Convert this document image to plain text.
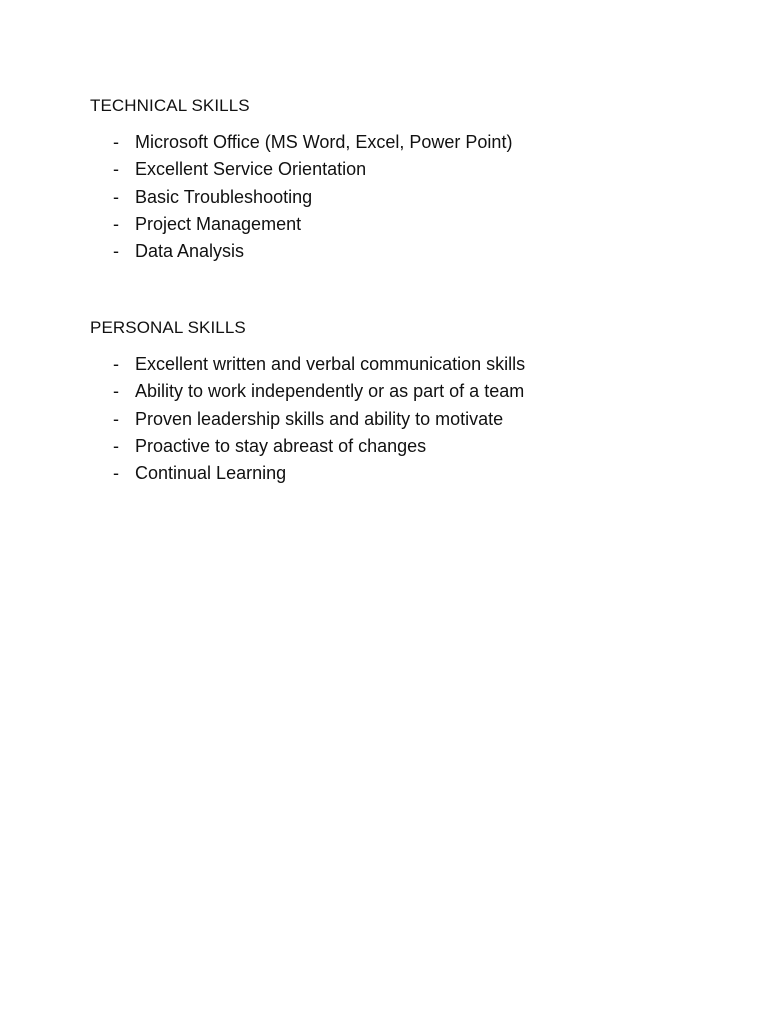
TECHNICAL SKILLS
- Microsoft Office (MS Word, Excel, Power Point)
- Excellent Service Orientation
- Basic Troubleshooting
- Project Management
- Data Analysis
PERSONAL SKILLS
- Excellent written and verbal communication skills
- Ability to work independently or as part of a team
- Proven leadership skills and ability to motivate
- Proactive to stay abreast of changes
- Continual Learning
